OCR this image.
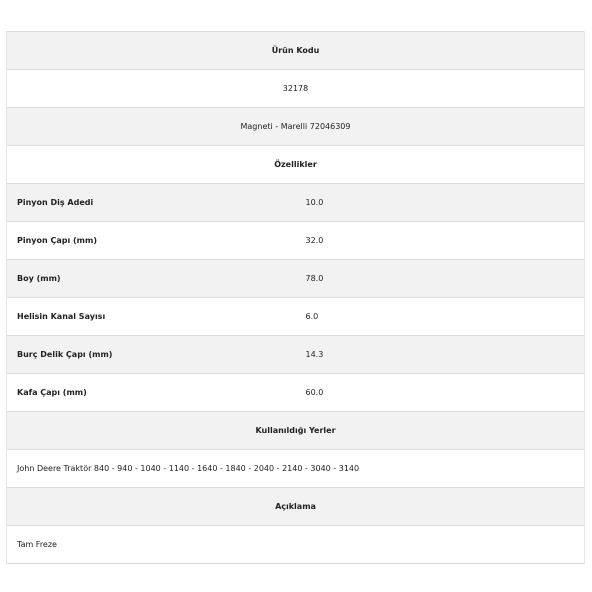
Ürün Kodu	
32178	
Magneti - Marelli 72046309	
Özellikler	
Pinyon Diş Adedi	10.0
Pinyon Çapı (mm)	32.0
Boy (mm)	78.0
Helisin Kanal Sayısı	6.0
Burç Delik Çapı (mm)	14.3
Kafa Çapı (mm)	60.0
Kullanıldığı Yerler	
John Deere Traktör 840 - 940 - 1040 - 1140 - 1640 - 1840 - 2040 - 2140 - 3040 - 3140	
Açıklama	
Tam Freze	
